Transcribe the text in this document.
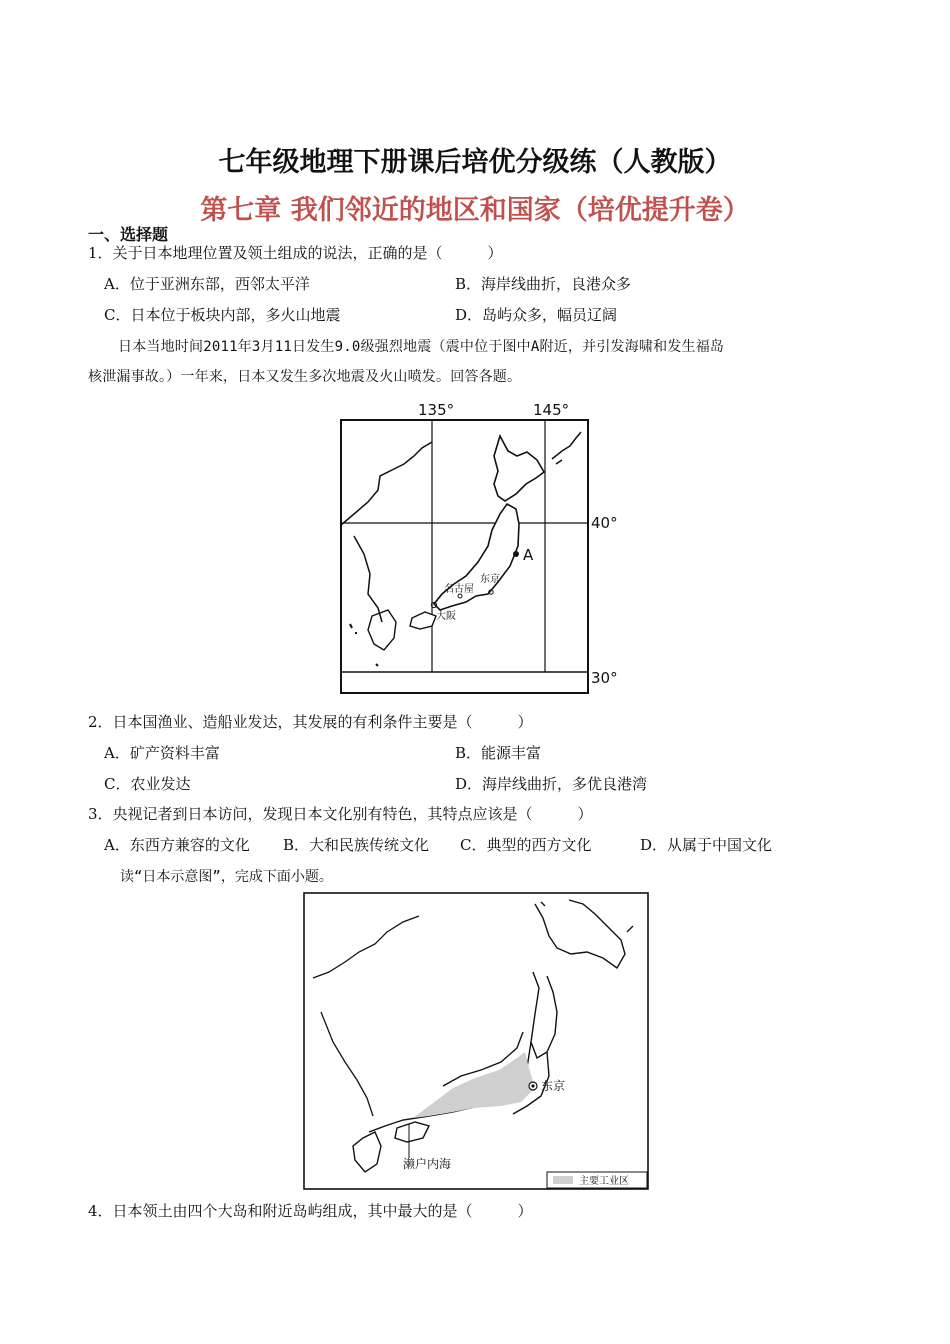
七年级地理下册课后培优分级练（人教版）
第七章 我们邻近的地区和国家（培优提升卷）
一、选择题
1．关于日本地理位置及领土组成的说法，正确的是（　　　）
A．位于亚洲东部，西邻太平洋	B．海岸线曲折，良港众多
C．日本位于板块内部，多火山地震	D．岛屿众多，幅员辽阔
日本当地时间2011年3月11日发生9.0级强烈地震（震中位于图中A附近，并引发海啸和发生福岛
核泄漏事故。）一年来，日本又发生多次地震及火山喷发。回答各题。
A
名古屋
东京
大阪
135°	145°
40°
30°
2．日本国渔业、造船业发达，其发展的有利条件主要是（　　　）
A．矿产资料丰富	B．能源丰富
C．农业发达	D．海岸线曲折，多优良港湾
3．央视记者到日本访问，发现日本文化别有特色，其特点应该是（　　　）
A．东西方兼容的文化 B．大和民族传统文化 C．典型的西方文化	D．从属于中国文化
读“日本示意图”，完成下面小题。
东京
濑户内海
主要工业区
4．日本领土由四个大岛和附近岛屿组成，其中最大的是（　　　）
